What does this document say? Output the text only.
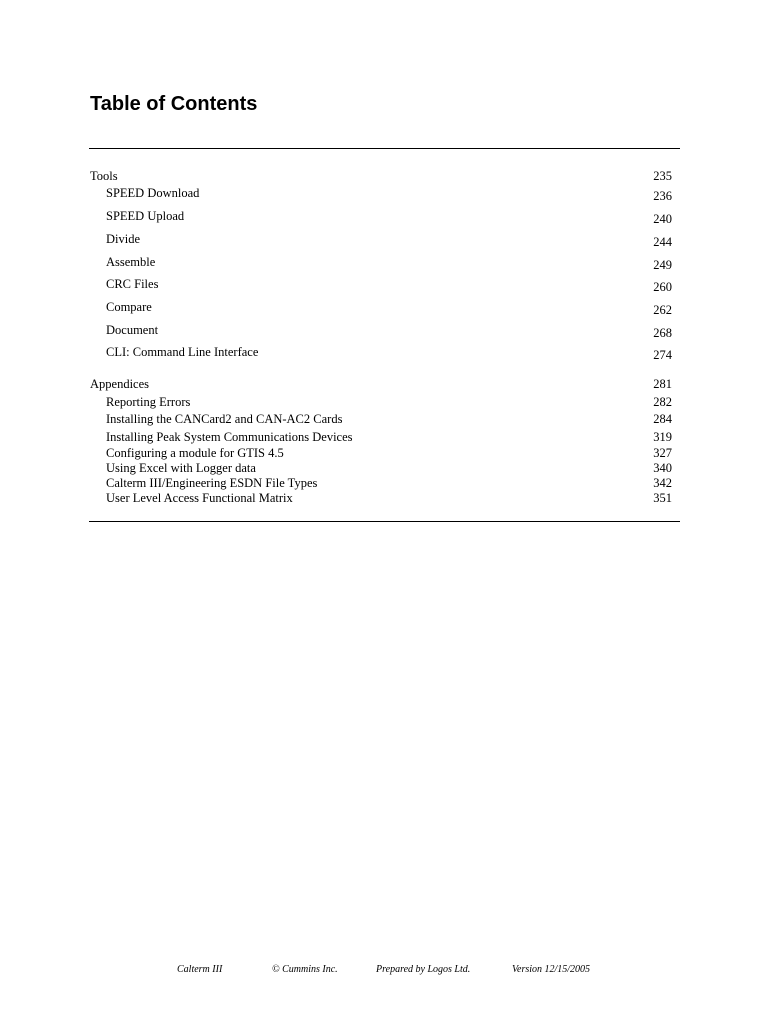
Table of Contents
Tools	235
SPEED Download	236
SPEED Upload	240
Divide	244
Assemble	249
CRC Files	260
Compare	262
Document	268
CLI: Command Line Interface	274
Appendices	281
Reporting Errors	282
Installing the CANCard2 and CAN-AC2 Cards	284
Installing Peak System Communications Devices	319
Configuring a module for GTIS 4.5	327
Using Excel with Logger data	340
Calterm III/Engineering ESDN File Types	342
User Level Access Functional Matrix	351
Calterm III	© Cummins Inc.	Prepared by Logos Ltd.	Version 12/15/2005
